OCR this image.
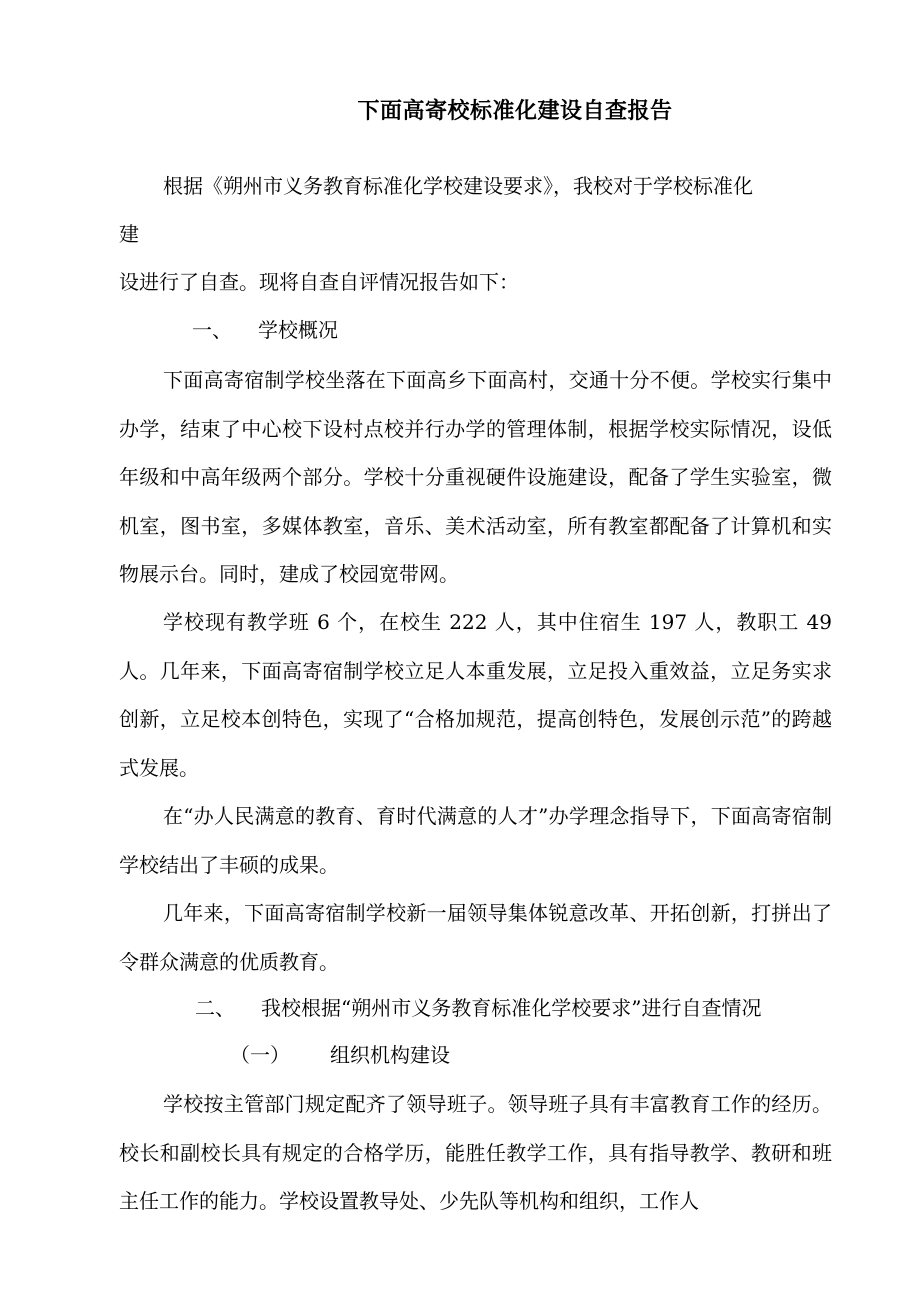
下面高寄校标准化建设自查报告
根据《朔州市义务教育标准化学校建设要求》，我校对于学校标准化
建
设进行了自查。现将自查自评情况报告如下：
一、 学校概况
下面高寄宿制学校坐落在下面高乡下面高村，交通十分不便。学校实行集中办学，结束了中心校下设村点校并行办学的管理体制，根据学校实际情况，设低年级和中高年级两个部分。学校十分重视硬件设施建设，配备了学生实验室，微机室，图书室，多媒体教室，音乐、美术活动室，所有教室都配备了计算机和实物展示台。同时，建成了校园宽带网。
学校现有教学班 6 个，在校生 222 人，其中住宿生 197 人，教职工 49 人。几年来，下面高寄宿制学校立足人本重发展，立足投入重效益，立足务实求创新，立足校本创特色，实现了“合格加规范，提高创特色，发展创示范”的跨越式发展。
在“办人民满意的教育、育时代满意的人才”办学理念指导下，下面高寄宿制学校结出了丰硕的成果。
几年来，下面高寄宿制学校新一届领导集体锐意改革、开拓创新，打拼出了令群众满意的优质教育。
二、 我校根据“朔州市义务教育标准化学校要求”进行自查情况
（一） 组织机构建设
学校按主管部门规定配齐了领导班子。领导班子具有丰富教育工作的经历。校长和副校长具有规定的合格学历，能胜任教学工作，具有指导教学、教研和班主任工作的能力。学校设置教导处、少先队等机构和组织，工作人
